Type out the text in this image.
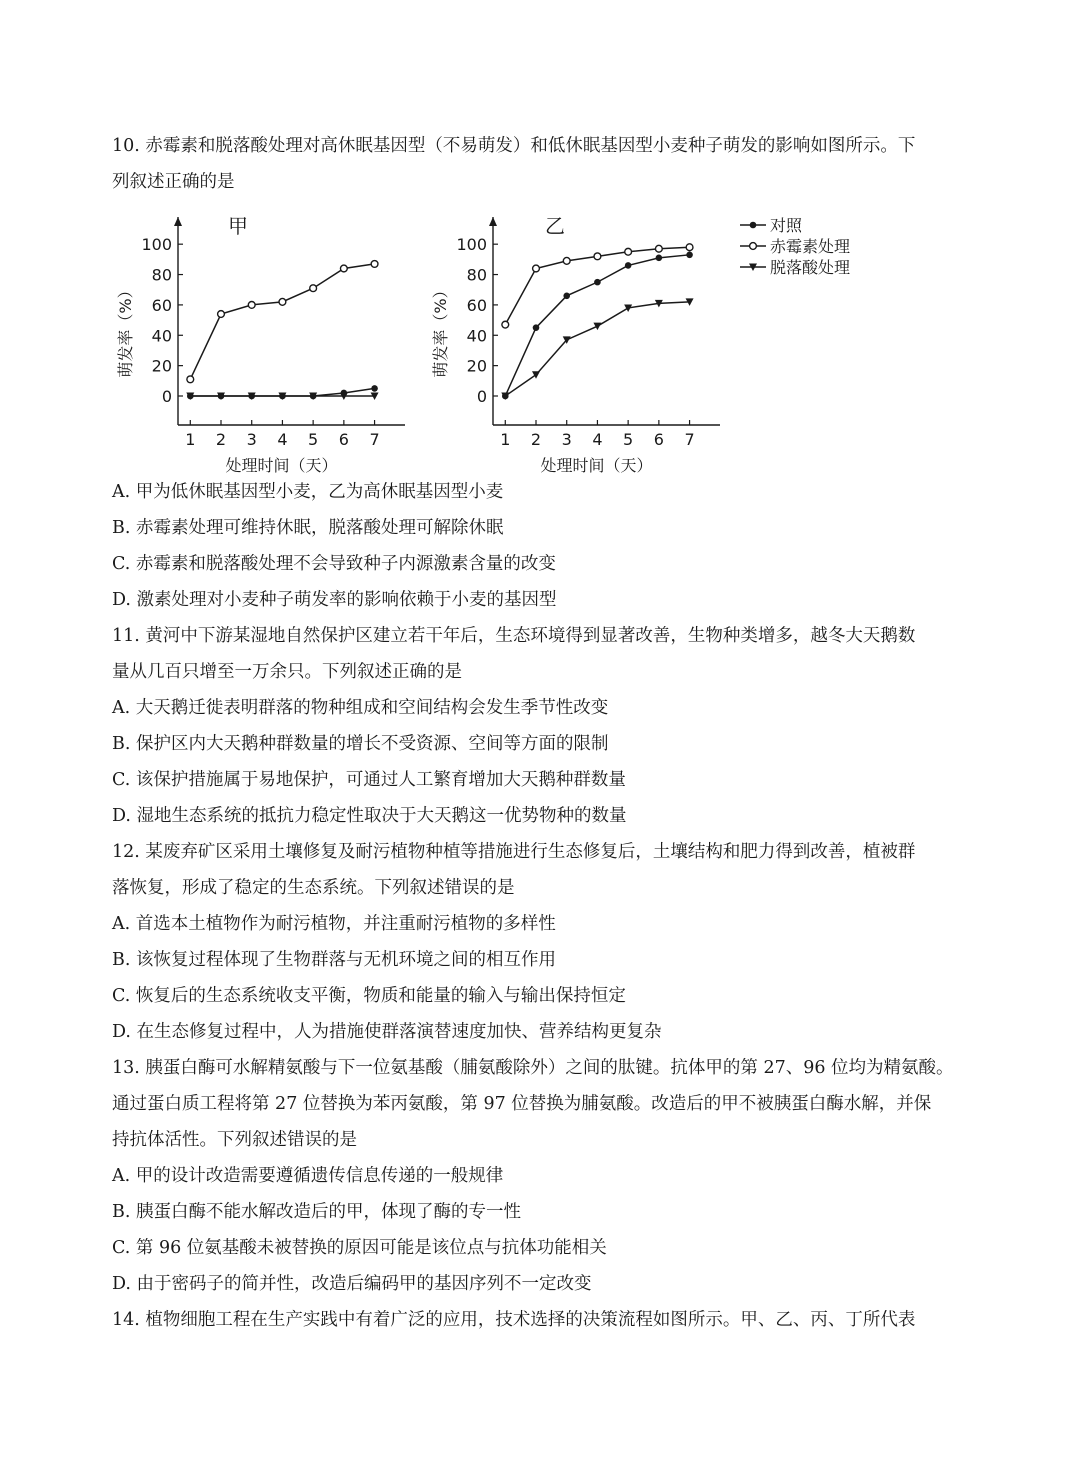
10. 赤霉素和脱落酸处理对高休眠基因型（不易萌发）和低休眠基因型小麦种子萌发的影响如图所示。下
列叙述正确的是
0
20
40
60
80
100
1 2 3 4 5 6 7
甲
处理时间（天）
萌发率（%）
0
20
40
60
80
100
1 2 3 4 5 6 7
乙
处理时间（天）
萌发率（%）
对照
赤霉素处理
脱落酸处理
A. 甲为低休眠基因型小麦，乙为高休眠基因型小麦
B. 赤霉素处理可维持休眠，脱落酸处理可解除休眠
C. 赤霉素和脱落酸处理不会导致种子内源激素含量的改变
D. 激素处理对小麦种子萌发率的影响依赖于小麦的基因型
11. 黄河中下游某湿地自然保护区建立若干年后，生态环境得到显著改善，生物种类增多，越冬大天鹅数
量从几百只增至一万余只。下列叙述正确的是
A. 大天鹅迁徙表明群落的物种组成和空间结构会发生季节性改变
B. 保护区内大天鹅种群数量的增长不受资源、空间等方面的限制
C. 该保护措施属于易地保护，可通过人工繁育增加大天鹅种群数量
D. 湿地生态系统的抵抗力稳定性取决于大天鹅这一优势物种的数量
12. 某废弃矿区采用土壤修复及耐污植物种植等措施进行生态修复后，土壤结构和肥力得到改善，植被群
落恢复，形成了稳定的生态系统。下列叙述错误的是
A. 首选本土植物作为耐污植物，并注重耐污植物的多样性
B. 该恢复过程体现了生物群落与无机环境之间的相互作用
C. 恢复后的生态系统收支平衡，物质和能量的输入与输出保持恒定
D. 在生态修复过程中，人为措施使群落演替速度加快、营养结构更复杂
13. 胰蛋白酶可水解精氨酸与下一位氨基酸（脯氨酸除外）之间的肽键。抗体甲的第 27、96 位均为精氨酸。
通过蛋白质工程将第 27 位替换为苯丙氨酸，第 97 位替换为脯氨酸。改造后的甲不被胰蛋白酶水解，并保
持抗体活性。下列叙述错误的是
A. 甲的设计改造需要遵循遗传信息传递的一般规律
B. 胰蛋白酶不能水解改造后的甲，体现了酶的专一性
C. 第 96 位氨基酸未被替换的原因可能是该位点与抗体功能相关
D. 由于密码子的简并性，改造后编码甲的基因序列不一定改变
14. 植物细胞工程在生产实践中有着广泛的应用，技术选择的决策流程如图所示。甲、乙、丙、丁所代表
